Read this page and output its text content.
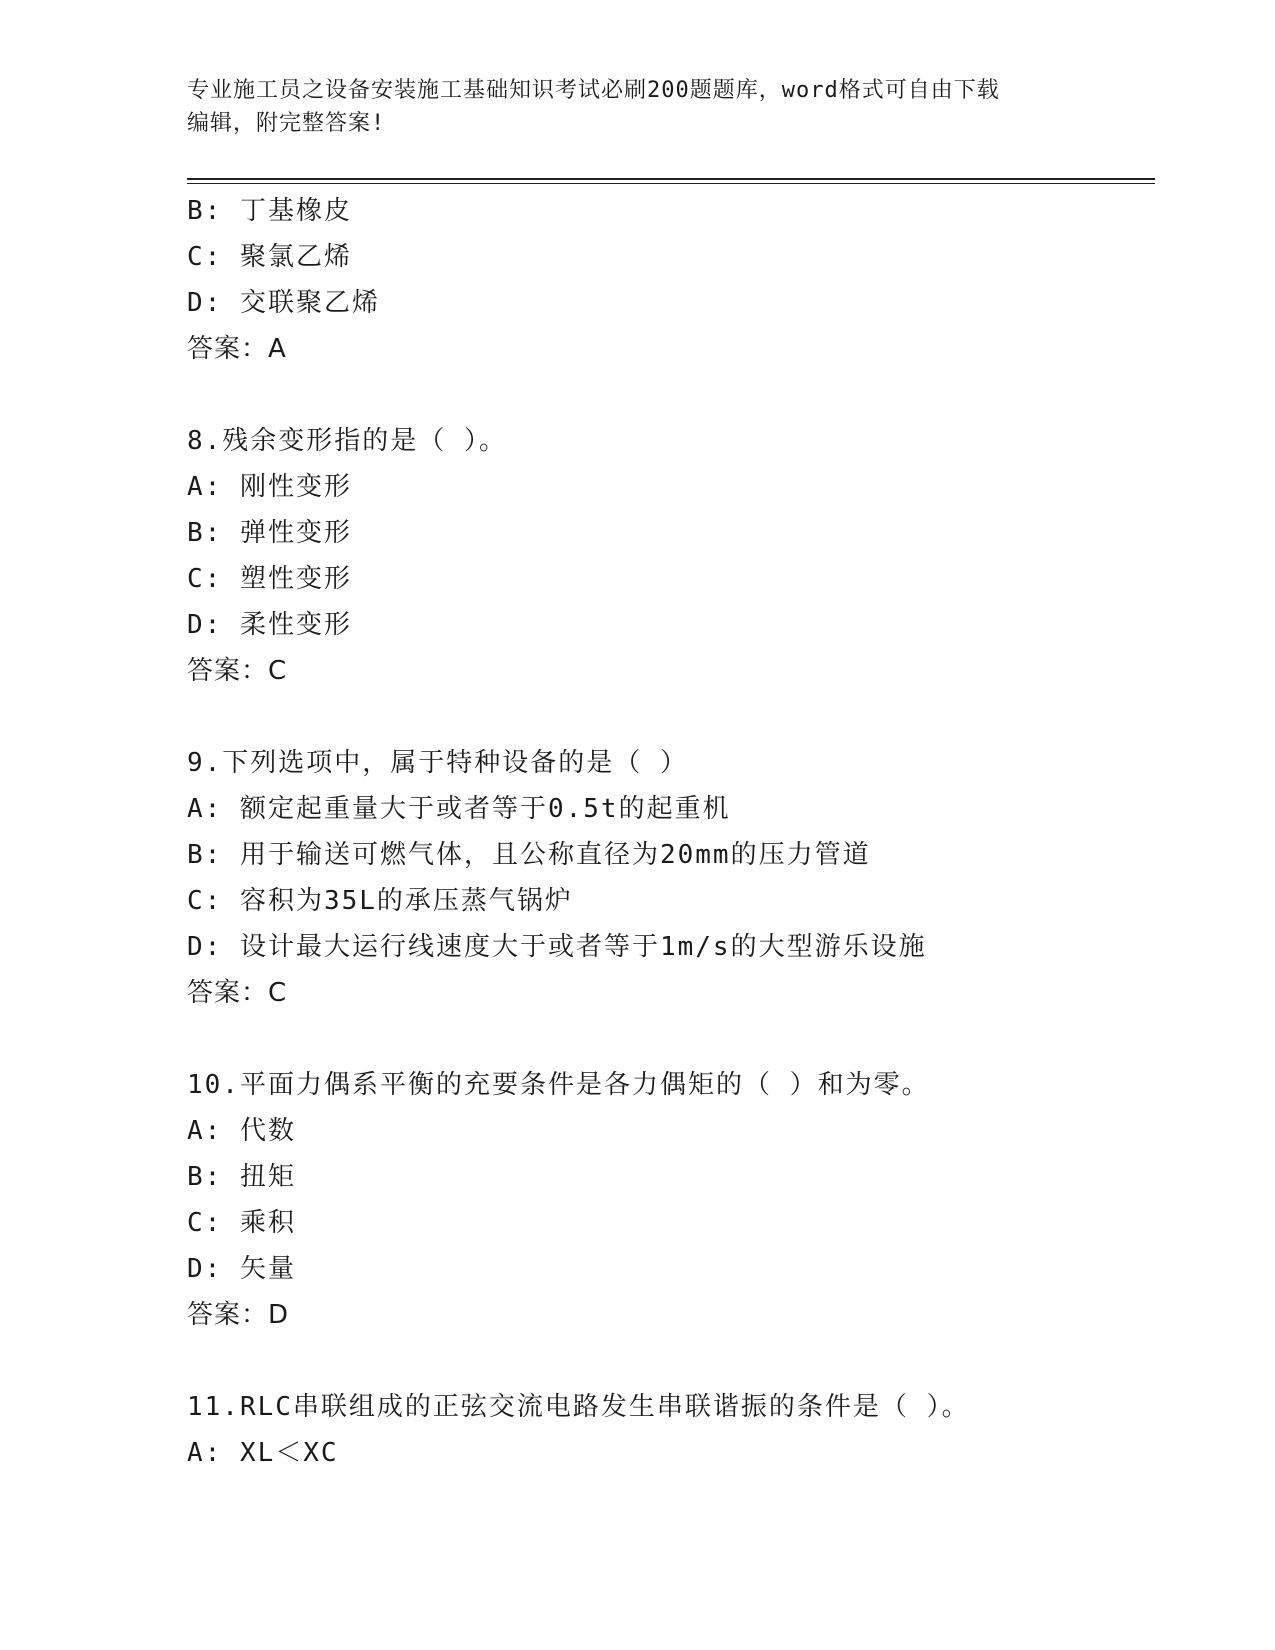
专业施工员之设备安装施工基础知识考试必刷200题题库，word格式可自由下载
编辑，附完整答案!
B: 丁基橡皮
C: 聚氯乙烯
D: 交联聚乙烯
答案：A
8.残余变形指的是（ ）。
A: 刚性变形
B: 弹性变形
C: 塑性变形
D: 柔性变形
答案：C
9.下列选项中，属于特种设备的是（ ）
A: 额定起重量大于或者等于0.5t的起重机
B: 用于输送可燃气体，且公称直径为20mm的压力管道
C: 容积为35L的承压蒸气锅炉
D: 设计最大运行线速度大于或者等于1m/s的大型游乐设施
答案：C
10.平面力偶系平衡的充要条件是各力偶矩的（ ）和为零。
A: 代数
B: 扭矩
C: 乘积
D: 矢量
答案：D
11.RLC串联组成的正弦交流电路发生串联谐振的条件是（ ）。
A: XL＜XC
